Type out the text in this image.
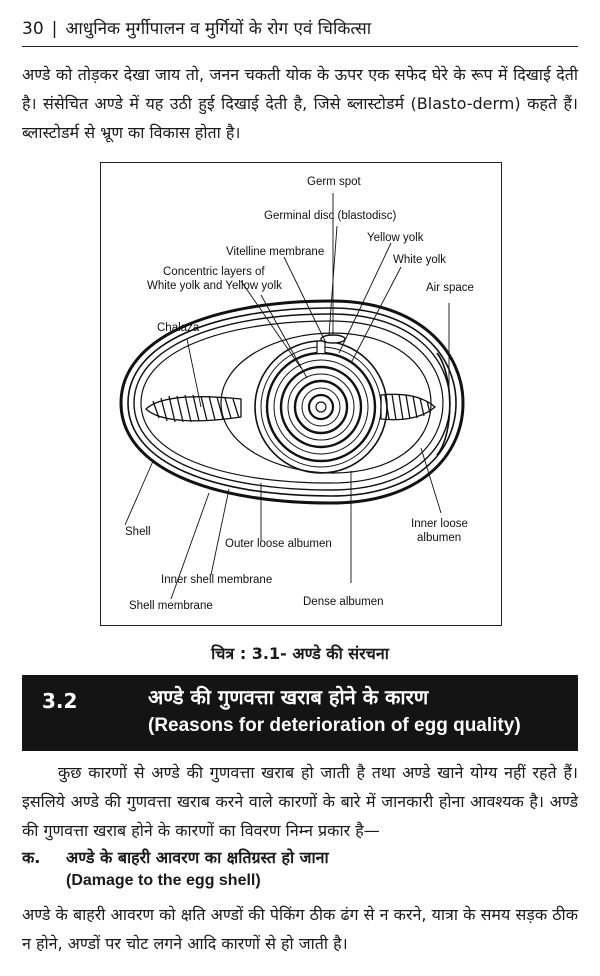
30 | आधुनिक मुर्गीपालन व मुर्गियों के रोग एवं चिकित्सा

अण्डे को तोड़कर देखा जाय तो, जनन चकती योक के ऊपर एक सफेद घेरे के रूप में दिखाई देती है। संसेचित अण्डे में यह उठी हुई दिखाई देती है, जिसे ब्लास्टोडर्म (Blasto-derm) कहते हैं। ब्लास्टोडर्म से भ्रूण का विकास होता है।

Germ spot
Germinal disc (blastodisc)
Yellow yolk
Vitelline membrane
White yolk
Concentric layers of
White yolk and Yellow yolk	Air space
Chalaza
Shell
Inner loose
albumen
Outer loose albumen
Inner shell membrane
Shell membrane	Dense albumen
चित्र : 3.1- अण्डे की संरचना
3.2	अण्डे की गुणवत्ता खराब होने के कारण
(Reasons for deterioration of egg quality)

कुछ कारणों से अण्डे की गुणवत्ता खराब हो जाती है तथा अण्डे खाने योग्य नहीं रहते हैं। इसलिये अण्डे की गुणवत्ता खराब करने वाले कारणों के बारे में जानकारी होना आवश्यक है। अण्डे की गुणवत्ता खराब होने के कारणों का विवरण निम्न प्रकार है—

क. अण्डे के बाहरी आवरण का क्षतिग्रस्त हो जाना
(Damage to the egg shell)

अण्डे के बाहरी आवरण को क्षति अण्डों की पेकिंग ठीक ढंग से न करने, यात्रा के समय सड़क ठीक न होने, अण्डों पर चोट लगने आदि कारणों से हो जाती है।
